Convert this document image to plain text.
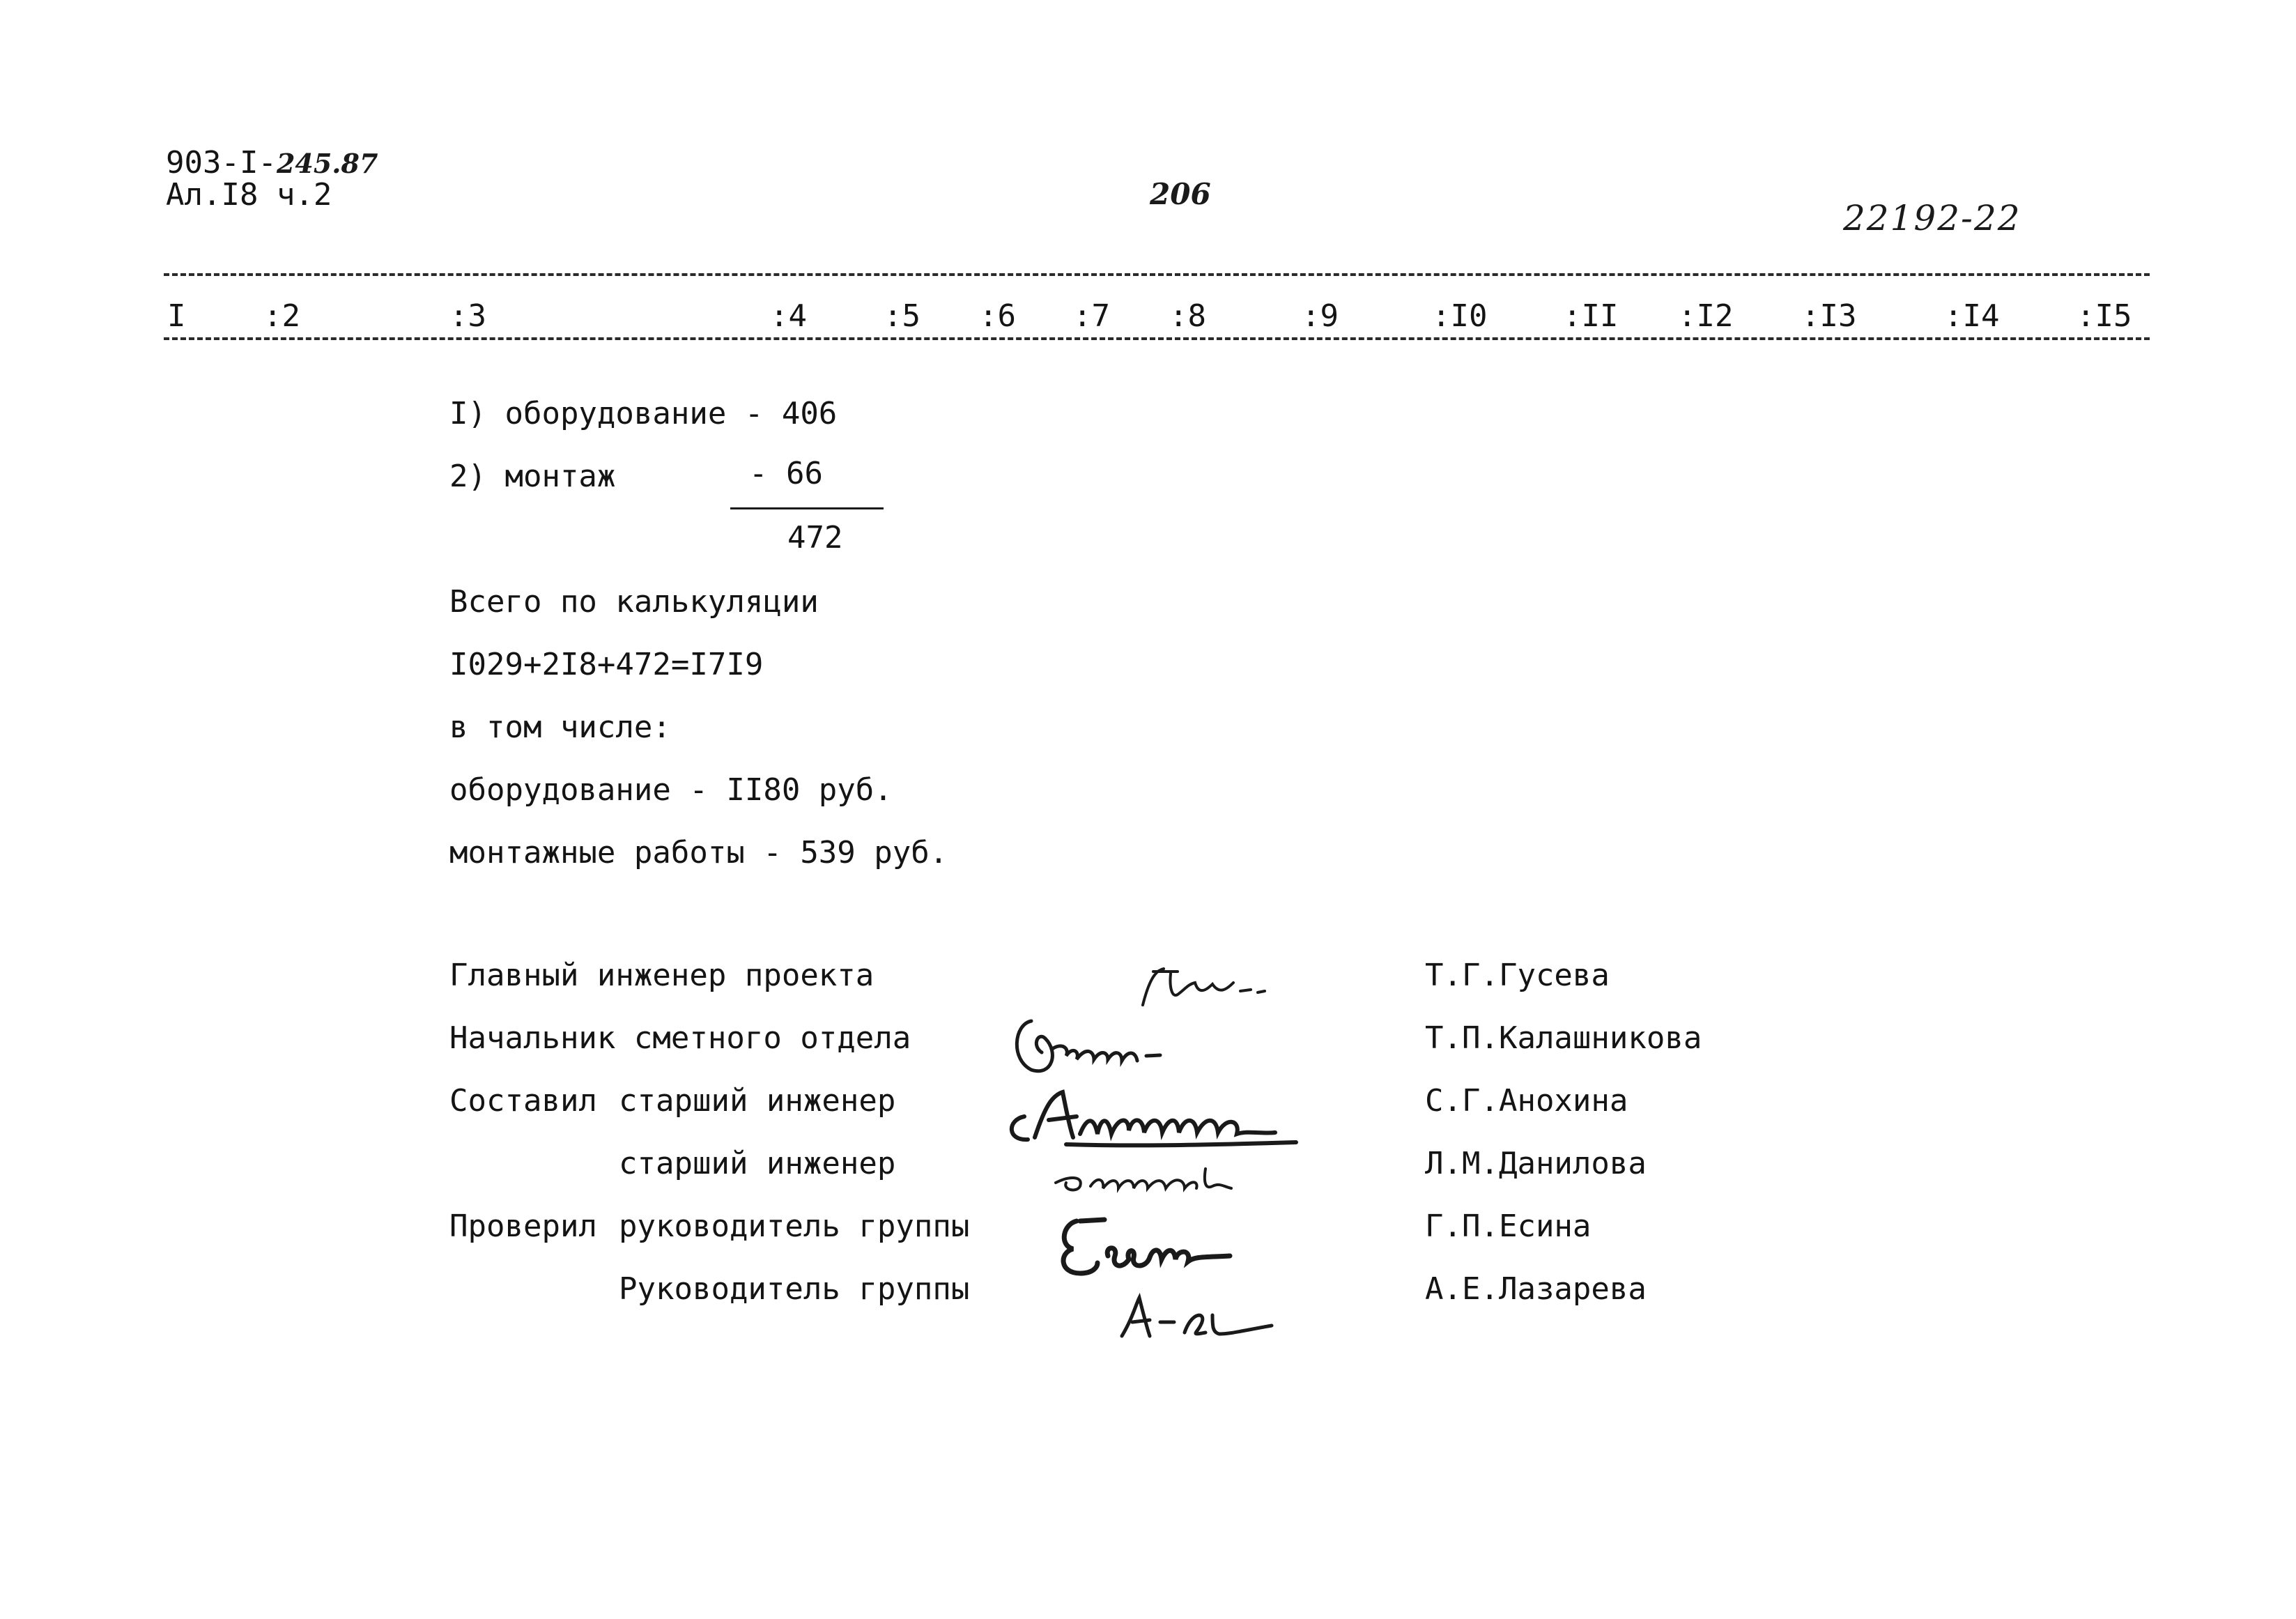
903-I-245.87
Ал.I8 ч.2	206
22192-22
I	:2	:3	:4	:5 :6 :7 :8	:9	:I0 :II :I2 :I3	:I4	:I5
I) оборудование - 406
2) монтаж	- 66
472
Всего по калькуляции
I029+2I8+472=I7I9
в том числе:
оборудование - II80 руб.
монтажные работы - 539 руб.
Главный инженер проекта	Т.Г.Гусева
Начальник сметного отдела	Т.П.Калашникова
Составил старший инженер	С.Г.Анохина
старший инженер	Л.М.Данилова
Проверил руководитель группы	Г.П.Есина
Руководитель группы	А.Е.Лазарева
